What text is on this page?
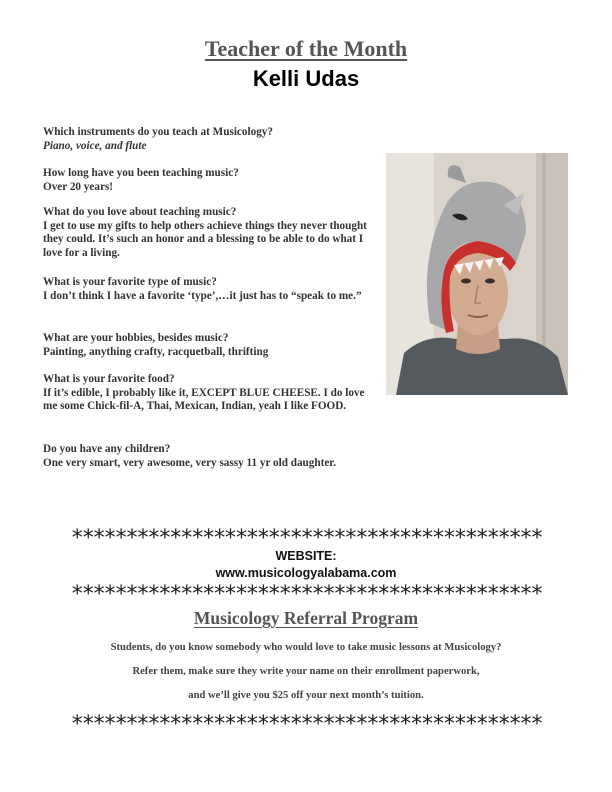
Teacher of the Month
Kelli Udas

Which instruments do you teach at Musicology?

Piano, voice, and flute

How long have you been teaching music?

Over 20 years!

What do you love about teaching music?

I get to use my gifts to help others achieve things they never thought they could. It’s such an honor and a blessing to be able to do what I love for a living.

What is your favorite type of music?

I don’t think I have a favorite ‘type’,…it just has to “speak to me.”

What are your hobbies, besides music?

Painting, anything crafty, racquetball, thrifting

What is your favorite food?

If it’s edible, I probably like it, EXCEPT BLUE CHEESE. I do love me some Chick-fil-A, Thai, Mexican, Indian, yeah I like FOOD.

Do you have any children?

One very smart, very awesome, very sassy 11 yr old daughter.

*******************************************
WEBSITE:
www.musicologyalabama.com
*******************************************
Musicology Referral Program
Students, do you know somebody who would love to take music lessons at Musicology?
Refer them, make sure they write your name on their enrollment paperwork,
and we’ll give you $25 off your next month’s tuition.
*******************************************
